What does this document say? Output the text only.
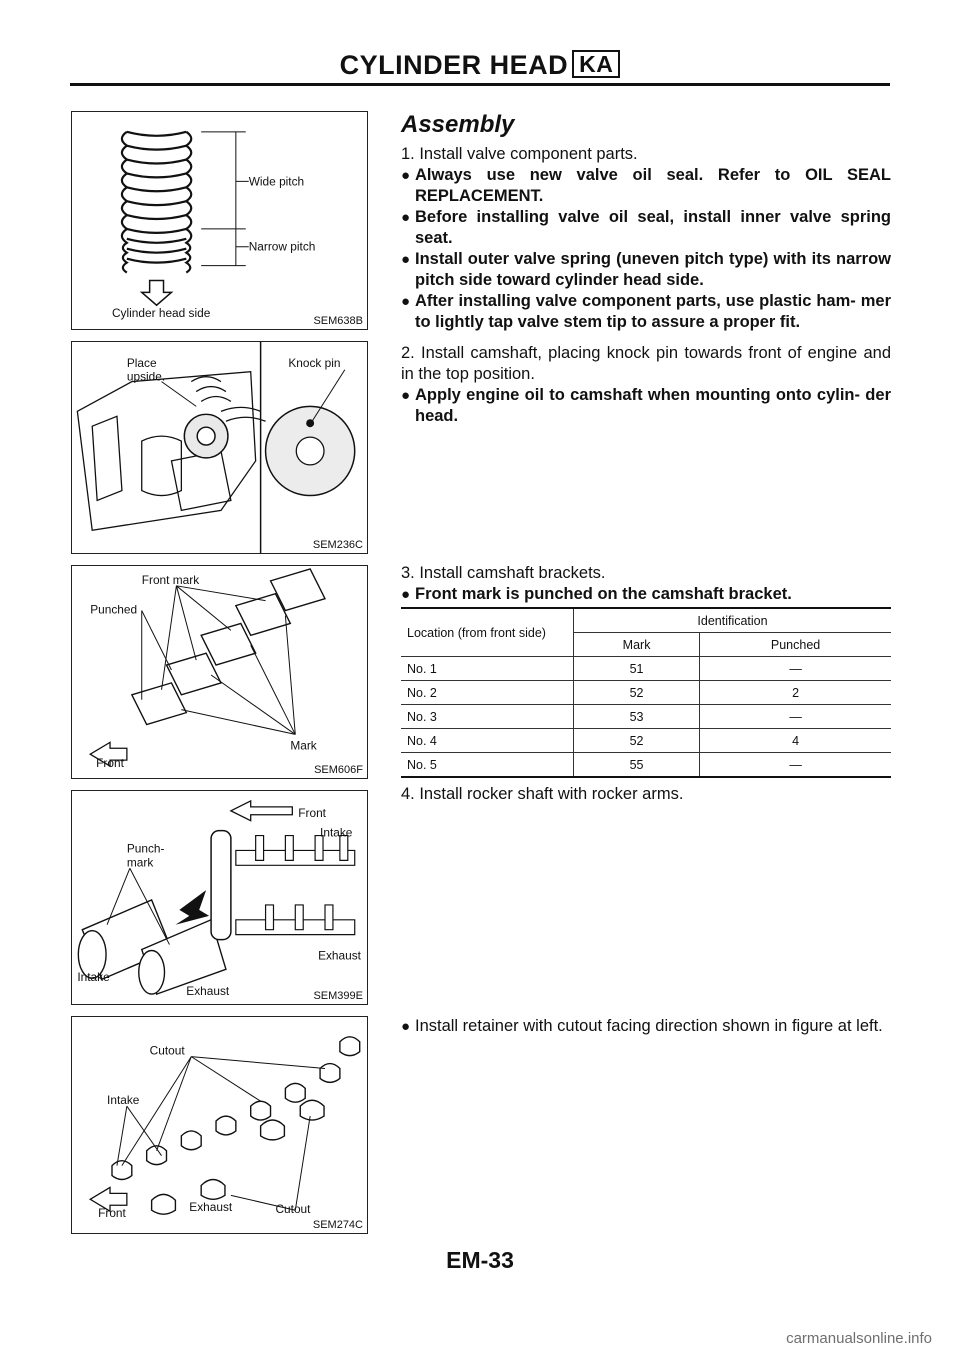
CYLINDER HEAD KA
Wide pitch
Narrow pitch
Cylinder head side
SEM638B
Place
upside.
Knock pin
SEM236C
Front mark
Punched
Mark
Front	SEM606F
Front
Intake
Punch-
mark
Exhaust
Intake
Exhaust	SEM399E
Cutout
Intake
Front	Exhaust	Cutout
SEM274C
Assembly

1. Install valve component parts.

● Always use new valve oil seal. Refer to OIL SEAL REPLACEMENT.
● Before installing valve oil seal, install inner valve spring seat.
● Install outer valve spring (uneven pitch type) with its narrow pitch side toward cylinder head side.
● After installing valve component parts, use plastic ham- mer to lightly tap valve stem tip to assure a proper fit.

2. Install camshaft, placing knock pin towards front of engine and in the top position.

● Apply engine oil to camshaft when mounting onto cylin- der head.

3. Install camshaft brackets.

● Front mark is punched on the camshaft bracket.
Location (from front side)	Identification	
	Mark	Punched
No. 1	51	—
No. 2	52	2
No. 3	53	—
No. 4	52	4
No. 5	55	—

4. Install rocker shaft with rocker arms.

● Install retainer with cutout facing direction shown in figure at left.
EM-33
carmanualsonline.info
